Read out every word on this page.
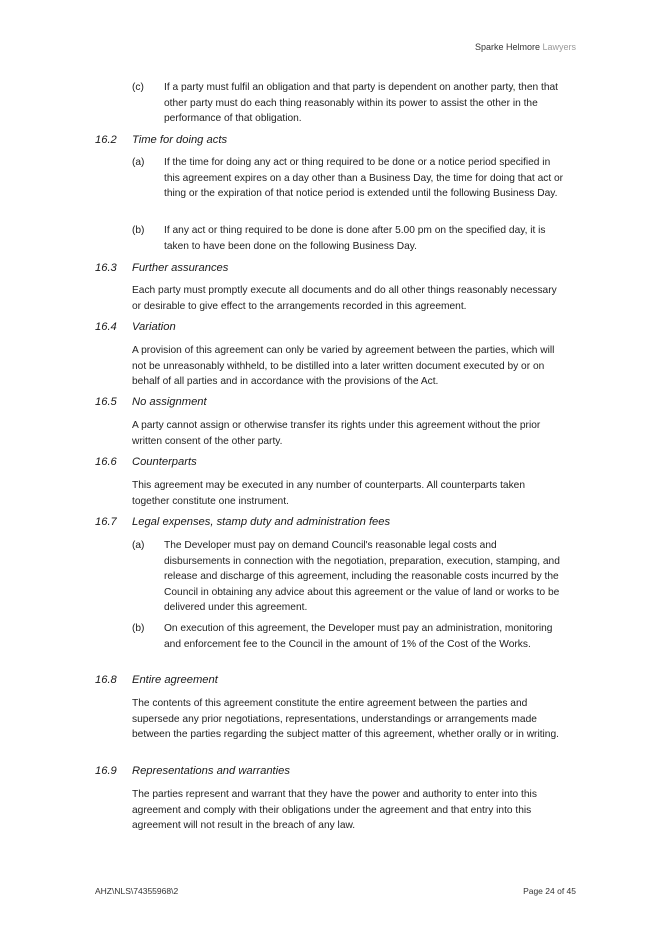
Sparke Helmore Lawyers
(c) If a party must fulfil an obligation and that party is dependent on another party, then that other party must do each thing reasonably within its power to assist the other in the performance of that obligation.
16.2 Time for doing acts
(a) If the time for doing any act or thing required to be done or a notice period specified in this agreement expires on a day other than a Business Day, the time for doing that act or thing or the expiration of that notice period is extended until the following Business Day.
(b) If any act or thing required to be done is done after 5.00 pm on the specified day, it is taken to have been done on the following Business Day.
16.3 Further assurances
Each party must promptly execute all documents and do all other things reasonably necessary or desirable to give effect to the arrangements recorded in this agreement.
16.4 Variation
A provision of this agreement can only be varied by agreement between the parties, which will not be unreasonably withheld, to be distilled into a later written document executed by or on behalf of all parties and in accordance with the provisions of the Act.
16.5 No assignment
A party cannot assign or otherwise transfer its rights under this agreement without the prior written consent of the other party.
16.6 Counterparts
This agreement may be executed in any number of counterparts. All counterparts taken together constitute one instrument.
16.7 Legal expenses, stamp duty and administration fees
(a) The Developer must pay on demand Council's reasonable legal costs and disbursements in connection with the negotiation, preparation, execution, stamping, and release and discharge of this agreement, including the reasonable costs incurred by the Council in obtaining any advice about this agreement or the value of land or works to be delivered under this agreement.
(b) On execution of this agreement, the Developer must pay an administration, monitoring and enforcement fee to the Council in the amount of 1% of the Cost of the Works.
16.8 Entire agreement
The contents of this agreement constitute the entire agreement between the parties and supersede any prior negotiations, representations, understandings or arrangements made between the parties regarding the subject matter of this agreement, whether orally or in writing.
16.9 Representations and warranties
The parties represent and warrant that they have the power and authority to enter into this agreement and comply with their obligations under the agreement and that entry into this agreement will not result in the breach of any law.
AHZ\NLS\74355968\2	Page 24 of 45
